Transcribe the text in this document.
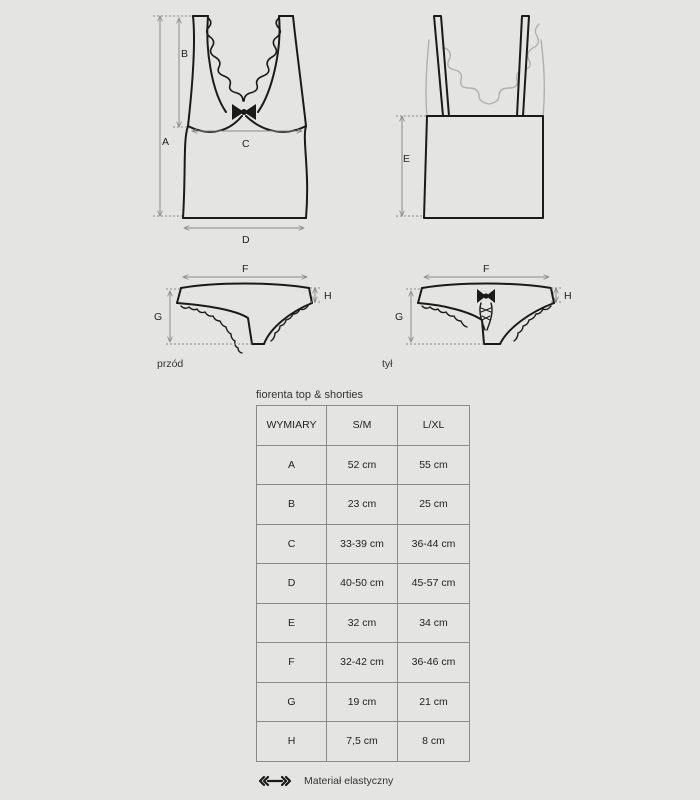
A
B
C
D
E
F
G
H
F
G
H
przód	tył
fiorenta top & shorties
WYMIARY	S/M	L/XL
A	52 cm	55 cm
B	23 cm	25 cm
C	33-39 cm	36-44 cm
D	40-50 cm	45-57 cm
E	32 cm	34 cm
F	32-42 cm	36-46 cm
G	19 cm	21 cm
H	7,5 cm	8 cm
Materiał elastyczny
